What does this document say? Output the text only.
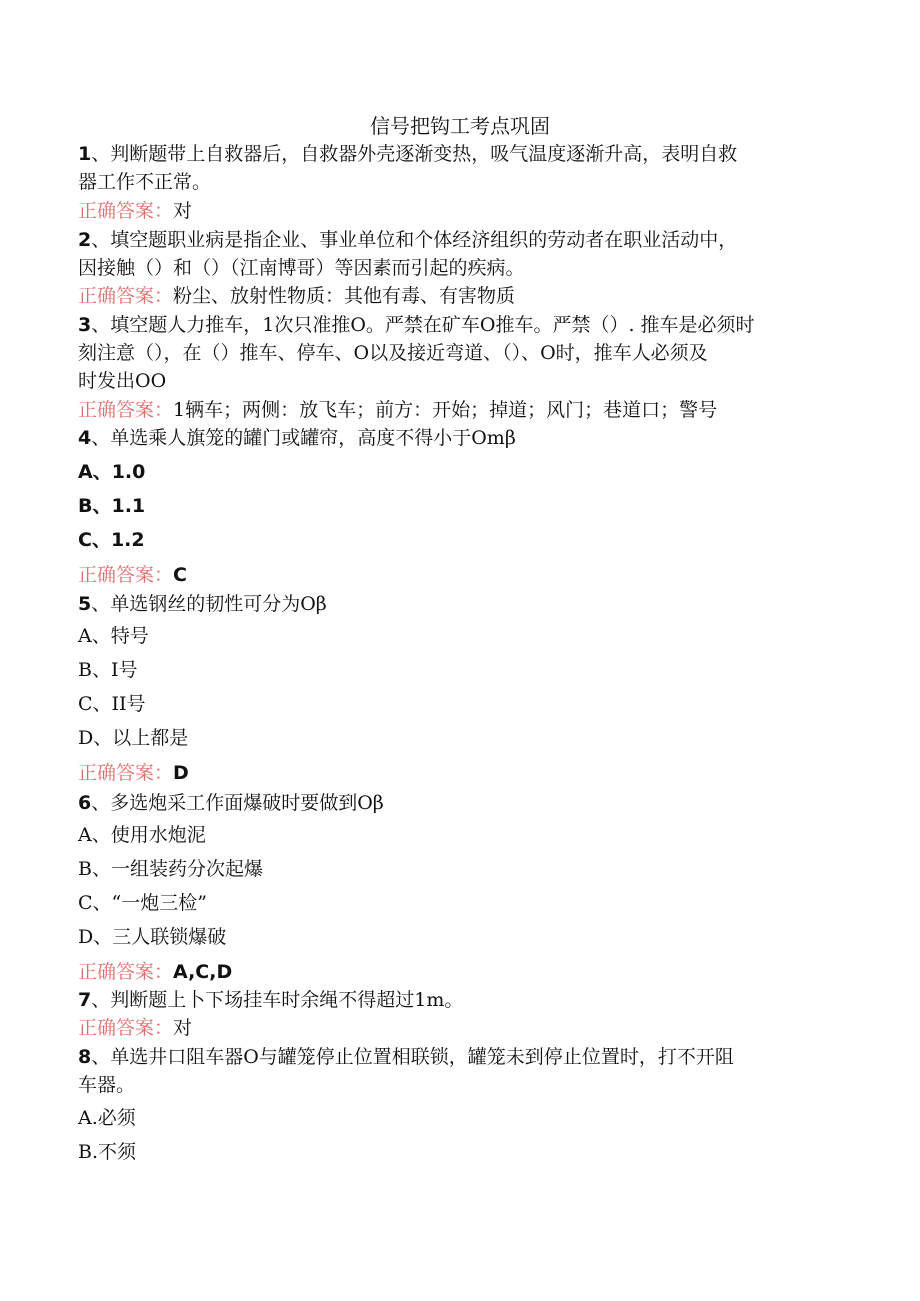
信号把钩工考点巩固
1、判断题带上自救器后，自救器外壳逐渐变热，吸气温度逐渐升高，表明自救
器工作不正常。
正确答案：对
2、填空题职业病是指企业、事业单位和个体经济组织的劳动者在职业活动中，
因接触（）和（）（江南博哥）等因素而引起的疾病。
正确答案：粉尘、放射性物质：其他有毒、有害物质
3、填空题人力推车，1次只准推O。严禁在矿车O推车。严禁（）. 推车是必须时
刻注意（），在（）推车、停车、O以及接近弯道、（）、O时，推车人必须及
时发出OO
正确答案：1辆车；两侧：放飞车；前方：开始；掉道；风门；巷道口；警号
4、单选乘人旗笼的罐门或罐帘，高度不得小于Omβ
A、1.0
B、1.1
C、1.2
正确答案：C
5、单选钢丝的韧性可分为Oβ
A、特号
B、I号
C、II号
D、以上都是
正确答案：D
6、多选炮采工作面爆破时要做到Oβ
A、使用水炮泥
B、一组装药分次起爆
C、“一炮三检”
D、三人联锁爆破
正确答案：A,C,D
7、判断题上卜下场挂车时余绳不得超过1m。
正确答案：对
8、单选井口阻车器O与罐笼停止位置相联锁，罐笼未到停止位置时，打不开阻
车器。
A.必须
B.不须
